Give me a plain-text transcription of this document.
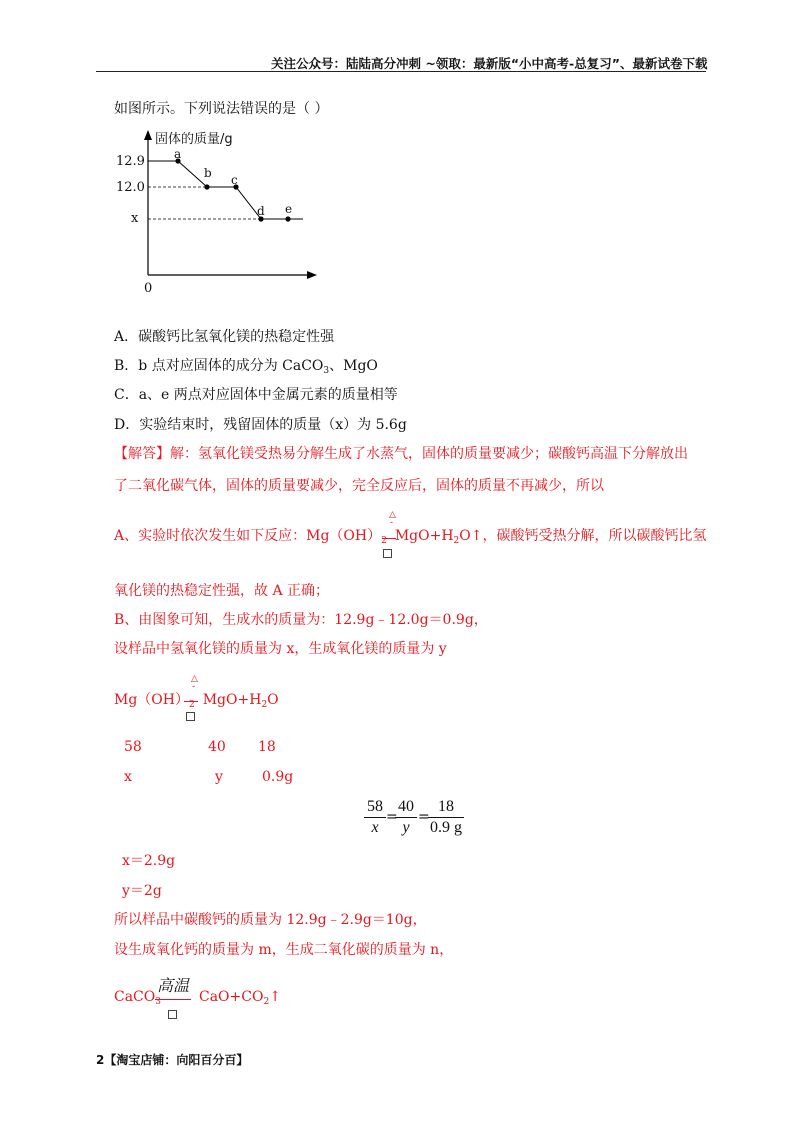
关注公众号：陆陆高分冲刺 ~领取：最新版“小中高考-总复习”、最新试卷下载
如图所示。下列说法错误的是（ ）
固体的质量/g
12.9
12.0
x
0
a
b c
d e
A．碳酸钙比氢氧化镁的热稳定性强
B．b 点对应固体的成分为 CaCO$_3$、MgO
C．a、e 两点对应固体中金属元素的质量相等
D．实验结束时，残留固体的质量（x）为 5.6g
【解答】解：氢氧化镁受热易分解生成了水蒸气，固体的质量要减少；碳酸钙高温下分解放出
了二氧化碳气体，固体的质量要减少，完全反应后，固体的质量不再减少，所以
A、实验时依次发生如下反应：$Mg(OH)_2$ $MgO+H_2O↑$，碳酸钙受热分解，所以碳酸钙比氢
△
-
氧化镁的热稳定性强，故 A 正确；
B、由图象可知，生成水的质量为：12.9g﹣12.0g＝0.9g，
设样品中氢氧化镁的质量为 x，生成氧化镁的质量为 y
$Mg(OH)_2$ $MgO+H_2O$
△
-
58	40 18
x	y	0.9g
58
x
=
40
y
=
18
0.9 g
x＝2.9g
y＝2g
所以样品中碳酸钙的质量为 12.9g﹣2.9g＝10g，
设生成氧化钙的质量为 m，生成二氧化碳的质量为 n，
高温
CaCO$_3$	$CaO+CO_2↑$
2【淘宝店铺：向阳百分百】
